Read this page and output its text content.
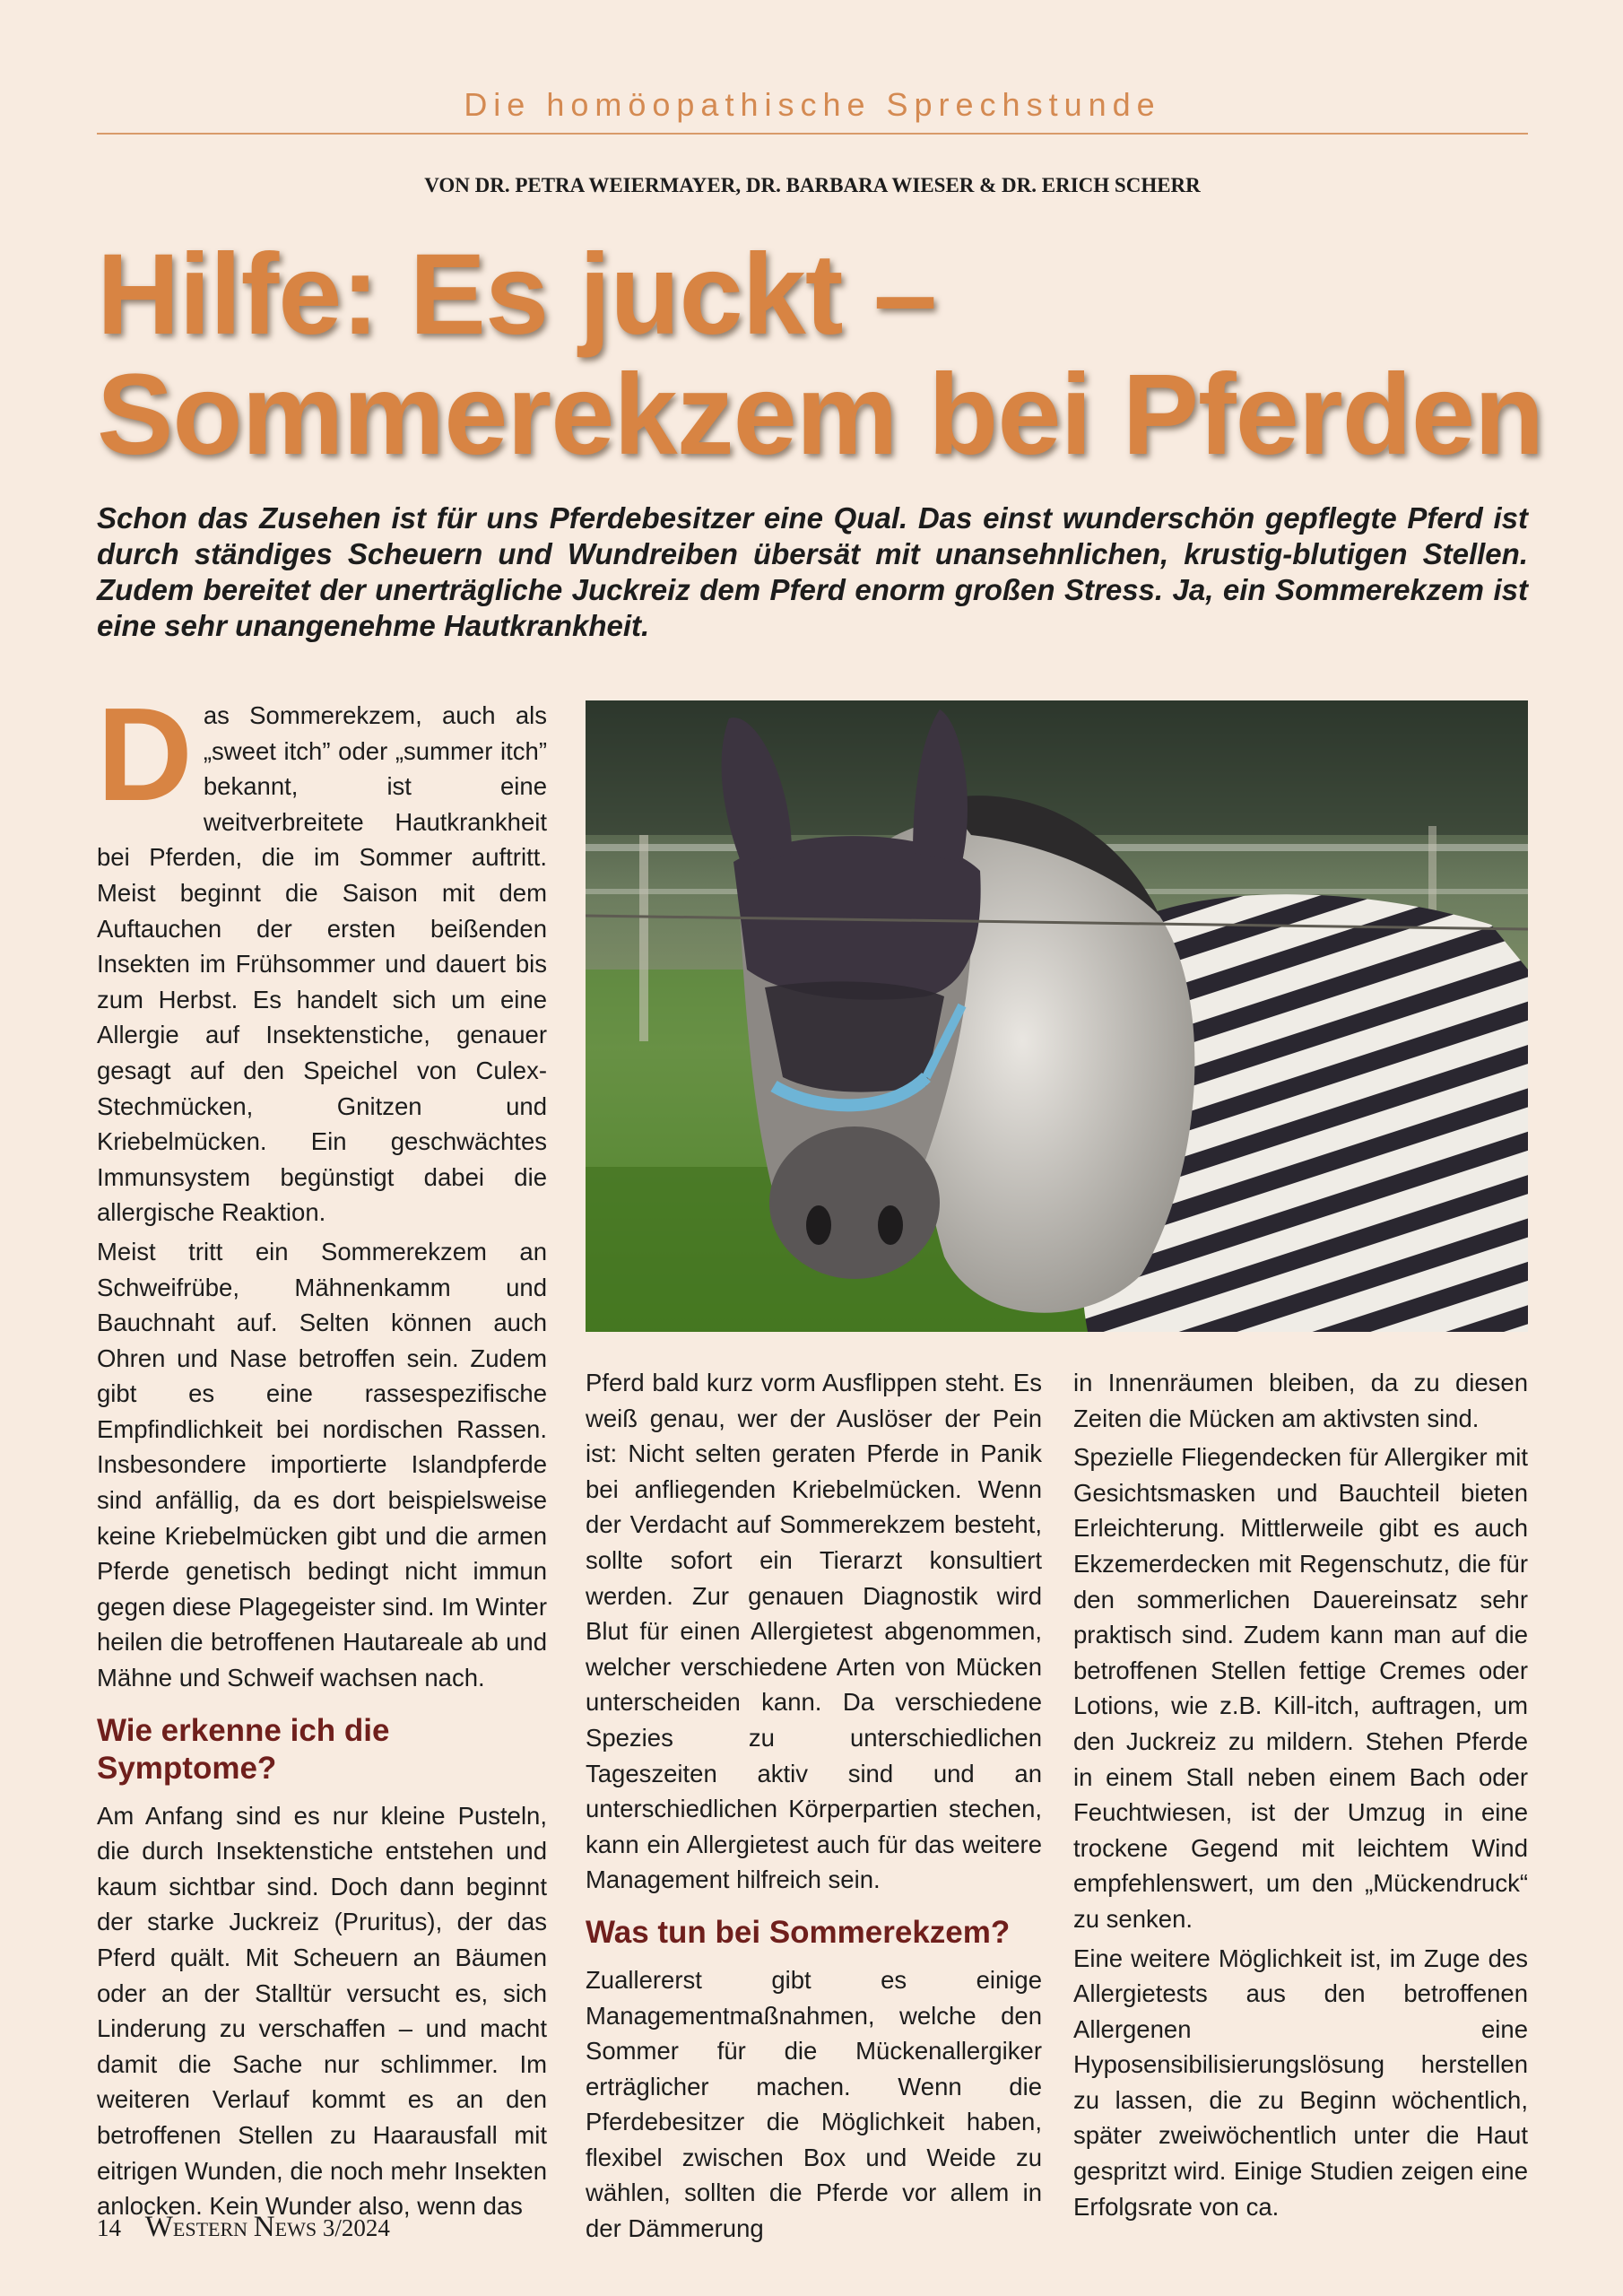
Die homöopathische Sprechstunde
VON DR. PETRA WEIERMAYER, DR. BARBARA WIESER & DR. ERICH SCHERR
Hilfe: Es juckt –
Sommerekzem bei Pferden

Schon das Zusehen ist für uns Pferdebesitzer eine Qual. Das einst wunderschön gepflegte Pferd ist durch ständiges Scheuern und Wundreiben übersät mit unansehnlichen, krustig-blutigen Stellen. Zudem bereitet der unerträgliche Juckreiz dem Pferd enorm großen Stress. Ja, ein Sommerekzem ist eine sehr unangenehme Hautkrankheit.

Das Sommerekzem, auch als „sweet itch” oder „summer itch” bekannt, ist eine weitverbreitete Hautkrankheit bei Pferden, die im Sommer auftritt. Meist beginnt die Saison mit dem Auftauchen der ersten beißenden Insekten im Frühsommer und dauert bis zum Herbst. Es handelt sich um eine Allergie auf Insektenstiche, genauer gesagt auf den Speichel von Culex-Stechmücken, Gnitzen und Kriebelmücken. Ein geschwächtes Immunsystem begünstigt dabei die allergische Reaktion.

Meist tritt ein Sommerekzem an Schweifrübe, Mähnenkamm und Bauchnaht auf. Selten können auch Ohren und Nase betroffen sein. Zudem gibt es eine rassespezifische Empfindlichkeit bei nordischen Rassen. Insbesondere importierte Islandpferde sind anfällig, da es dort beispielsweise keine Kriebelmücken gibt und die armen Pferde genetisch bedingt nicht immun gegen diese Plagegeister sind. Im Winter heilen die betroffenen Hautareale ab und Mähne und Schweif wachsen nach.

Wie erkenne ich die Symptome?

Am Anfang sind es nur kleine Pusteln, die durch Insektenstiche entstehen und kaum sichtbar sind. Doch dann beginnt der starke Juckreiz (Pruritus), der das Pferd quält. Mit Scheuern an Bäumen oder an der Stalltür versucht es, sich Linderung zu verschaffen – und macht damit die Sache nur schlimmer. Im weiteren Verlauf kommt es an den betroffenen Stellen zu Haarausfall mit eitrigen Wunden, die noch mehr Insekten anlocken. Kein Wunder also, wenn das

Pferd bald kurz vorm Ausflippen steht. Es weiß genau, wer der Auslöser der Pein ist: Nicht selten geraten Pferde in Panik bei anfliegenden Kriebelmücken. Wenn der Verdacht auf Sommerekzem besteht, sollte sofort ein Tierarzt konsultiert werden. Zur genauen Diagnostik wird Blut für einen Allergietest abgenommen, welcher verschiedene Arten von Mücken unterscheiden kann. Da verschiedene Spezies zu unterschiedlichen Tageszeiten aktiv sind und an unterschiedlichen Körperpartien stechen, kann ein Allergietest auch für das weitere Management hilfreich sein.

Was tun bei Sommerekzem?

Zuallererst gibt es einige Managementmaßnahmen, welche den Sommer für die Mückenallergiker erträglicher machen. Wenn die Pferdebesitzer die Möglichkeit haben, flexibel zwischen Box und Weide zu wählen, sollten die Pferde vor allem in der Dämmerung

in Innenräumen bleiben, da zu diesen Zeiten die Mücken am aktivsten sind.

Spezielle Fliegendecken für Allergiker mit Gesichtsmasken und Bauchteil bieten Erleichterung. Mittlerweile gibt es auch Ekzemerdecken mit Regenschutz, die für den sommerlichen Dauereinsatz sehr praktisch sind. Zudem kann man auf die betroffenen Stellen fettige Cremes oder Lotions, wie z.B. Kill-itch, auftragen, um den Juckreiz zu mildern. Stehen Pferde in einem Stall neben einem Bach oder Feuchtwiesen, ist der Umzug in eine trockene Gegend mit leichtem Wind empfehlenswert, um den „Mückendruck“ zu senken.

Eine weitere Möglichkeit ist, im Zuge des Allergietests aus den betroffenen Allergenen eine Hyposensibilisierungslösung herstellen zu lassen, die zu Beginn wöchentlich, später zweiwöchentlich unter die Haut gespritzt wird. Einige Studien zeigen eine Erfolgsrate von ca.

14 WESTERN NEWS 3/2024
